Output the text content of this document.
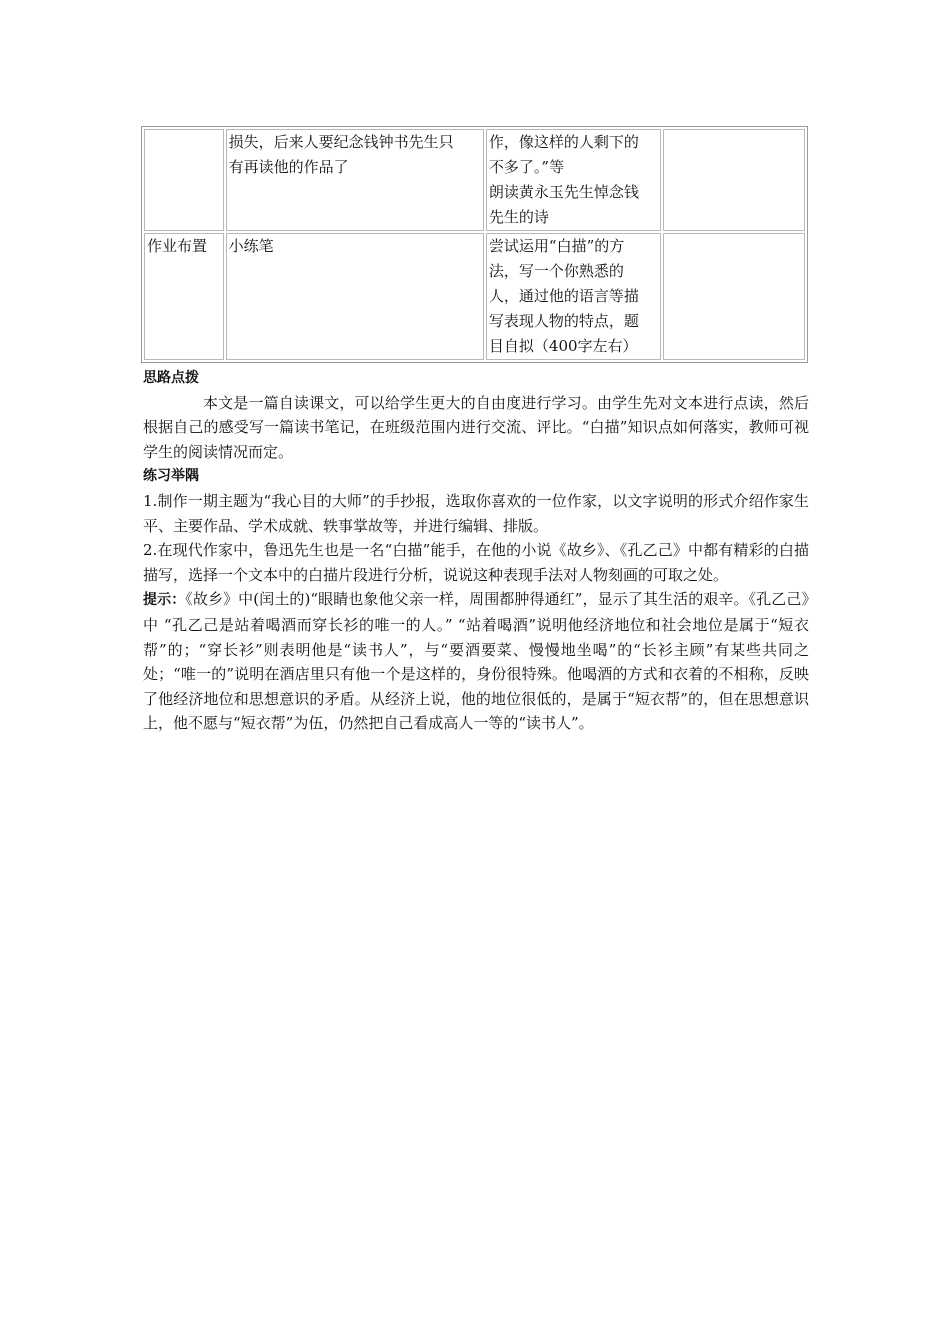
	损失，后来人要纪念钱钟书先生只
有再读他的作品了	作，像这样的人剩下的
不多了。”等
朗读黄永玉先生悼念钱
先生的诗	

作业布置	小练笔	尝试运用“白描”的方
法，写一个你熟悉的
人，通过他的语言等描
写表现人物的特点，题
目自拟（400字左右）	

思路点拨

本文是一篇自读课文，可以给学生更大的自由度进行学习。由学生先对文本进行点读，然后根据自己的感受写一篇读书笔记，在班级范围内进行交流、评比。“白描”知识点如何落实，教师可视学生的阅读情况而定。

练习举隅

1.制作一期主题为“我心目的大师”的手抄报，选取你喜欢的一位作家，以文字说明的形式介绍作家生平、主要作品、学术成就、轶事掌故等，并进行编辑、排版。

2.在现代作家中，鲁迅先生也是一名“白描”能手，在他的小说《故乡》、《孔乙己》中都有精彩的白描描写，选择一个文本中的白描片段进行分析，说说这种表现手法对人物刻画的可取之处。

提示：《故乡》中(闰土的)“眼睛也象他父亲一样，周围都肿得通红”，显示了其生活的艰辛。《孔乙己》中 “孔乙己是站着喝酒而穿长衫的唯一的人。” “站着喝酒”说明他经济地位和社会地位是属于“短衣帮”的；“穿长衫”则表明他是“读书人”，与“要酒要菜、慢慢地坐喝”的“长衫主顾”有某些共同之处；“唯一的”说明在酒店里只有他一个是这样的，身份很特殊。他喝酒的方式和衣着的不相称，反映了他经济地位和思想意识的矛盾。从经济上说，他的地位很低的，是属于“短衣帮”的，但在思想意识上，他不愿与“短衣帮”为伍，仍然把自己看成高人一等的“读书人”。
